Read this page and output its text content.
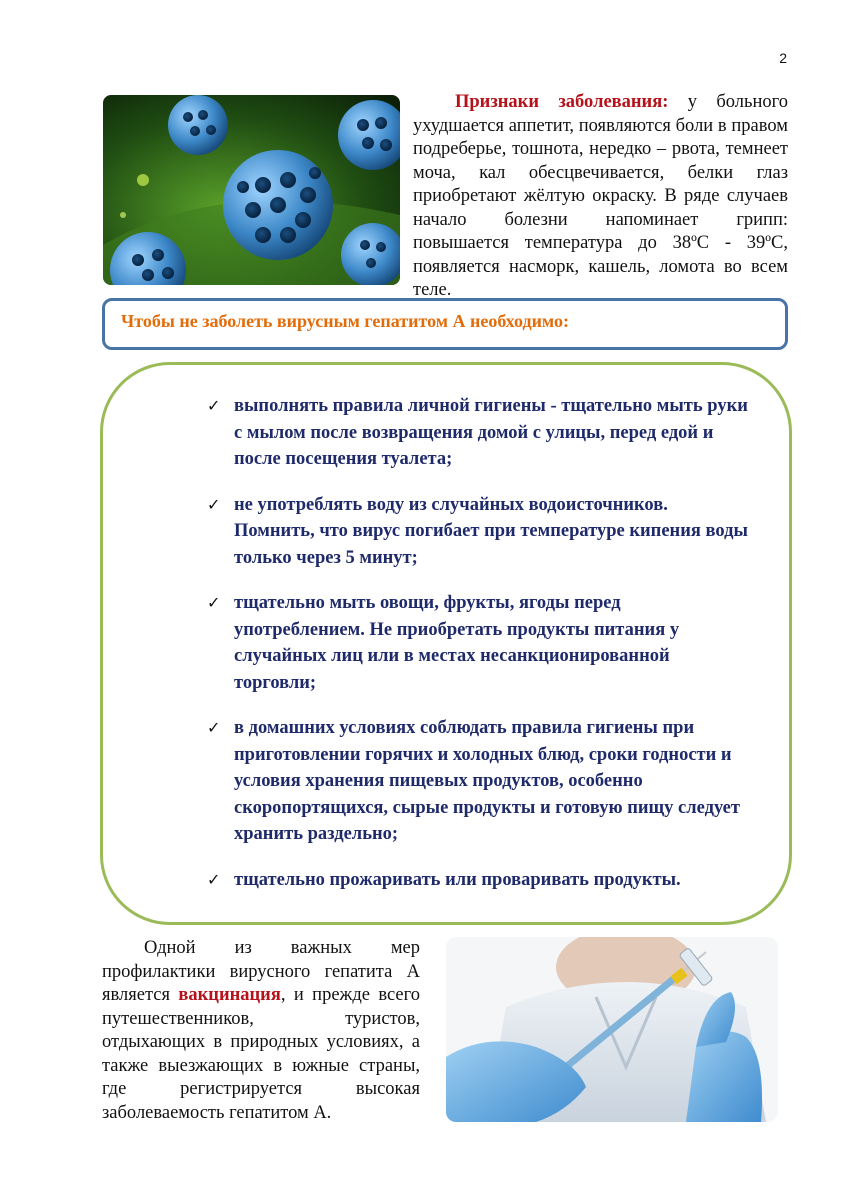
2

Признаки заболевания: у больного ухудшается аппетит, появляются боли в правом подреберье, тошнота, нередко – рвота, темнеет моча, кал обесцвечивается, белки глаз приобретают жёлтую окраску. В ряде случаев начало болезни напоминает грипп: повышается температура до 38ºС - 39ºС, появляется насморк, кашель, ломота во всем теле.

Чтобы не заболеть вирусным гепатитом А необходимо:
✓ выполнять правила личной гигиены - тщательно мыть руки с мылом после возвращения домой с улицы, перед едой и после посещения туалета;
✓ не употреблять воду из случайных водоисточников. Помнить, что вирус погибает при температуре кипения воды только через 5 минут;
✓ тщательно мыть овощи, фрукты, ягоды перед употреблением. Не приобретать продукты питания у случайных лиц или в местах несанкционированной торговли;
✓ в домашних условиях соблюдать правила гигиены при приготовлении горячих и холодных блюд, сроки годности и условия хранения пищевых продуктов, особенно скоропортящихся, сырые продукты и готовую пищу следует хранить раздельно;
✓ тщательно прожаривать или проваривать продукты.

Одной из важных мер профилактики вирусного гепатита А является вакцинация, и прежде всего путешественников, туристов, отдыхающих в природных условиях, а также выезжающих в южные страны, где регистрируется высокая заболеваемость гепатитом А.
